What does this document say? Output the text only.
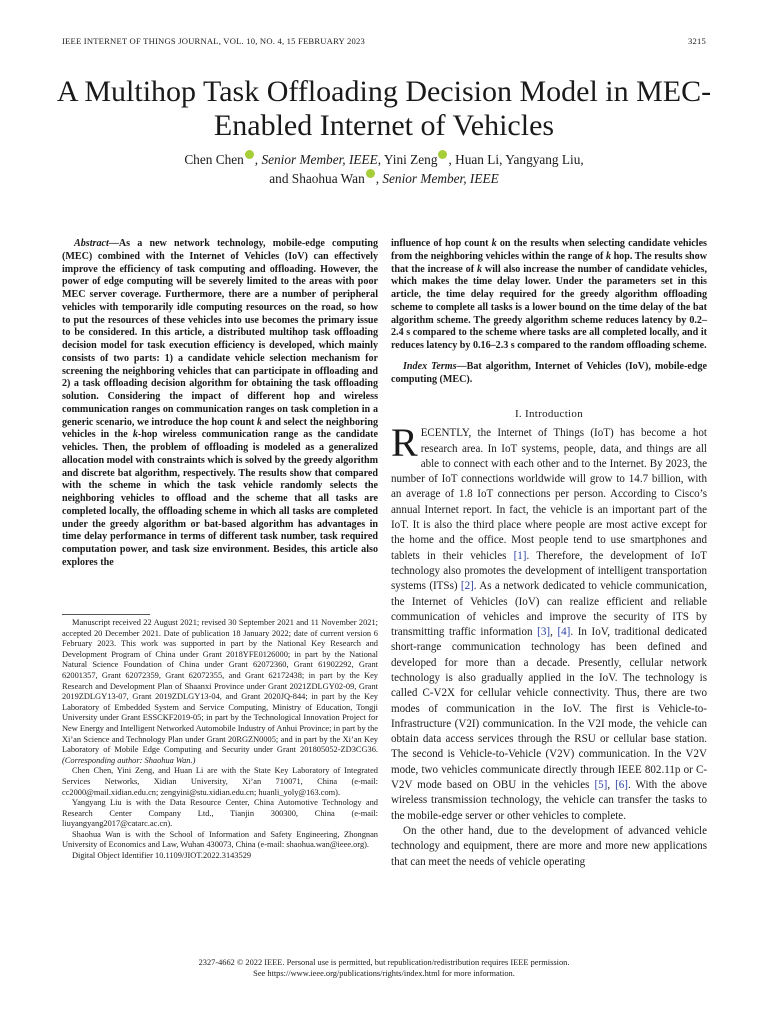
IEEE INTERNET OF THINGS JOURNAL, VOL. 10, NO. 4, 15 FEBRUARY 2023	3215
A Multihop Task Offloading Decision Model in MEC-Enabled Internet of Vehicles
Chen Chen , Senior Member, IEEE, Yini Zeng , Huan Li, Yangyang Liu,
and Shaohua Wan , Senior Member, IEEE

Abstract—As a new network technology, mobile-edge computing (MEC) combined with the Internet of Vehicles (IoV) can effectively improve the efficiency of task computing and offloading. However, the power of edge computing will be severely limited to the areas with poor MEC server coverage. Furthermore, there are a number of peripheral vehicles with temporarily idle computing resources on the road, so how to put the resources of these vehicles into use becomes the primary issue to be considered. In this article, a distributed multihop task offloading decision model for task execution efficiency is developed, which mainly consists of two parts: 1) a candidate vehicle selection mechanism for screening the neighboring vehicles that can participate in offloading and 2) a task offloading decision algorithm for obtaining the task offloading solution. Considering the impact of different hop and wireless communication ranges on communication ranges on task completion in a generic scenario, we introduce the hop count k and select the neighboring vehicles in the k-hop wireless communication range as the candidate vehicles. Then, the problem of offloading is modeled as a generalized allocation model with constraints which is solved by the greedy algorithm and discrete bat algorithm, respectively. The results show that compared with the scheme in which the task vehicle randomly selects the neighboring vehicles to offload and the scheme that all tasks are completed locally, the offloading scheme in which all tasks are completed under the greedy algorithm or bat-based algorithm has advantages in time delay performance in terms of different task number, task required computation power, and task size environment. Besides, this article also explores the

Manuscript received 22 August 2021; revised 30 September 2021 and 11 November 2021; accepted 20 December 2021. Date of publication 18 January 2022; date of current version 6 February 2023. This work was supported in part by the National Key Research and Development Program of China under Grant 2018YFE0126000; in part by the National Natural Science Foundation of China under Grant 62072360, Grant 61902292, Grant 62001357, Grant 62072359, Grant 62072355, and Grant 62172438; in part by the Key Research and Development Plan of Shaanxi Province under Grant 2021ZDLGY02-09, Grant 2019ZDLGY13-07, Grant 2019ZDLGY13-04, and Grant 2020JQ-844; in part by the Key Laboratory of Embedded System and Service Computing, Ministry of Education, Tongji University under Grant ESSCKF2019-05; in part by the Technological Innovation Project for New Energy and Intelligent Networked Automobile Industry of Anhui Province; in part by the Xi’an Science and Technology Plan under Grant 20RGZN0005; and in part by the Xi’an Key Laboratory of Mobile Edge Computing and Security under Grant 201805052-ZD3CG36. (Corresponding author: Shaohua Wan.)

Chen Chen, Yini Zeng, and Huan Li are with the State Key Laboratory of Integrated Services Networks, Xidian University, Xi’an 710071, China (e-mail: cc2000@mail.xidian.edu.cn; zengyini@stu.xidian.edu.cn; huanli_yoly@163.com).

Yangyang Liu is with the Data Resource Center, China Automotive Technology and Research Center Company Ltd., Tianjin 300300, China (e-mail: liuyangyang2017@catarc.ac.cn).

Shaohua Wan is with the School of Information and Safety Engineering, Zhongnan University of Economics and Law, Wuhan 430073, China (e-mail: shaohua.wan@ieee.org).

Digital Object Identifier 10.1109/JIOT.2022.3143529

influence of hop count k on the results when selecting candidate vehicles from the neighboring vehicles within the range of k hop. The results show that the increase of k will also increase the number of candidate vehicles, which makes the time delay lower. Under the parameters set in this article, the time delay required for the greedy algorithm offloading scheme to complete all tasks is a lower bound on the time delay of the bat algorithm scheme. The greedy algorithm scheme reduces latency by 0.2–2.4 s compared to the scheme where tasks are all completed locally, and it reduces latency by 0.16–2.3 s compared to the random offloading scheme.

Index Terms—Bat algorithm, Internet of Vehicles (IoV), mobile-edge computing (MEC).

I. Introduction

RECENTLY, the Internet of Things (IoT) has become a hot research area. In IoT systems, people, data, and things are all able to connect with each other and to the Internet. By 2023, the number of IoT connections worldwide will grow to 14.7 billion, with an average of 1.8 IoT connections per person. According to Cisco’s annual Internet report. In fact, the vehicle is an important part of the IoT. It is also the third place where people are most active except for the home and the office. Most people tend to use smartphones and tablets in their vehicles [1]. Therefore, the development of IoT technology also promotes the development of intelligent transportation systems (ITSs) [2]. As a network dedicated to vehicle communication, the Internet of Vehicles (IoV) can realize efficient and reliable communication of vehicles and improve the security of ITS by transmitting traffic information [3], [4]. In IoV, traditional dedicated short-range communication technology has been defined and developed for more than a decade. Presently, cellular network technology is also gradually applied in the IoV. The technology is called C-V2X for cellular vehicle connectivity. Thus, there are two modes of communication in the IoV. The first is Vehicle-to-Infrastructure (V2I) communication. In the V2I mode, the vehicle can obtain data access services through the RSU or cellular base station. The second is Vehicle-to-Vehicle (V2V) communication. In the V2V mode, two vehicles communicate directly through IEEE 802.11p or C-V2V mode based on OBU in the vehicles [5], [6]. With the above wireless transmission technology, the vehicle can transfer the tasks to the mobile-edge server or other vehicles to complete.

On the other hand, due to the development of advanced vehicle technology and equipment, there are more and more new applications that can meet the needs of vehicle operating

2327-4662 © 2022 IEEE. Personal use is permitted, but republication/redistribution requires IEEE permission.
See https://www.ieee.org/publications/rights/index.html for more information.
